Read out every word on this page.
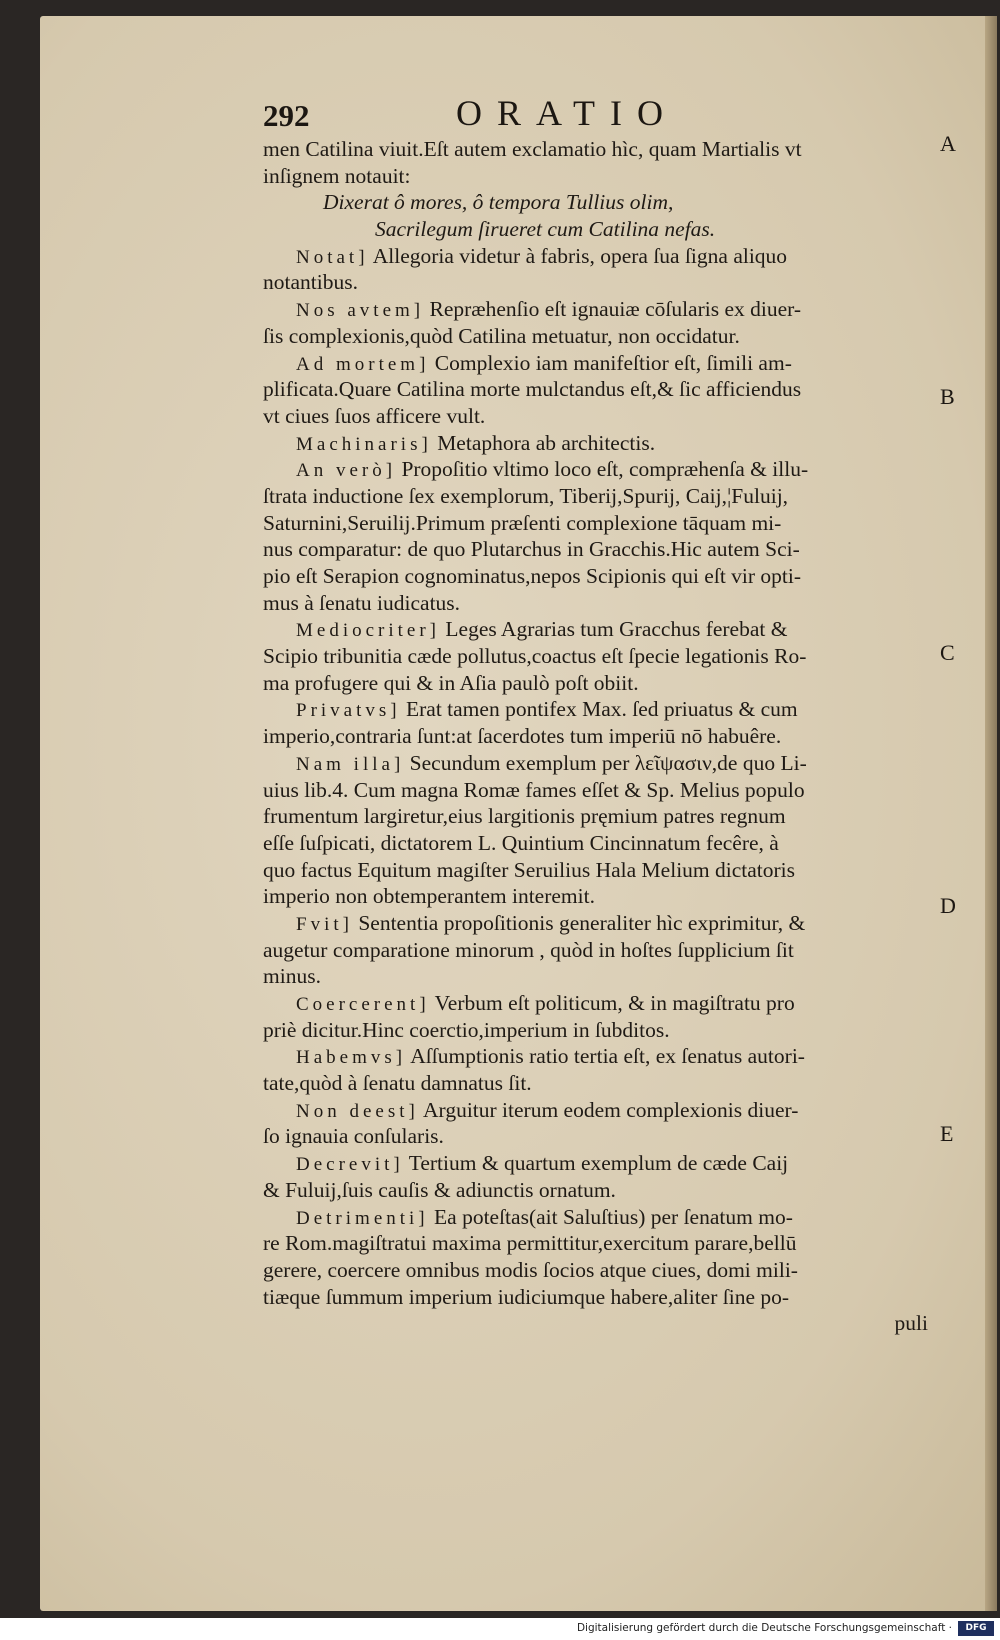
292	ORATIO
men Catilina viuit.Eſt autem exclamatio hìc, quam Martialis vt
inſignem notauit:
Dixerat ô mores, ô tempora Tullius olim,
Sacrilegum ſirueret cum Catilina nefas.
Notat] Allegoria videtur à fabris, opera ſua ſigna aliquo
notantibus.
Nos avtem] Repræhenſio eſt ignauiæ cōſularis ex diuer-
ſis complexionis,quòd Catilina metuatur, non occidatur.
Ad mortem] Complexio iam manifeſtior eſt, ſimili am-
plificata.Quare Catilina morte mulctandus eſt,& ſic afficiendus
vt ciues ſuos afficere vult.
Machinaris] Metaphora ab architectis.
An verò] Propoſitio vltimo loco eſt, compræhenſa & illu-
ſtrata inductione ſex exemplorum, Tiberij,Spurij, Caij,¦Fuluij,
Saturnini,Seruilij.Primum præſenti complexione tāquam mi-
nus comparatur: de quo Plutarchus in Gracchis.Hic autem Sci-
pio eſt Serapion cognominatus,nepos Scipionis qui eſt vir opti-
mus à ſenatu iudicatus.
Mediocriter] Leges Agrarias tum Gracchus ferebat &
Scipio tribunitia cæde pollutus,coactus eſt ſpecie legationis Ro-
ma profugere qui & in Aſia paulò poſt obiit.
Privatvs] Erat tamen pontifex Max. ſed priuatus & cum
imperio,contraria ſunt:at ſacerdotes tum imperiū nō habuêre.
Nam illa] Secundum exemplum per λεῖψασιν,de quo Li-
uius lib.4. Cum magna Romæ fames eſſet & Sp. Melius populo
frumentum largiretur,eius largitionis pręmium patres regnum
eſſe ſuſpicati, dictatorem L. Quintium Cincinnatum fecêre, à
quo factus Equitum magiſter Seruilius Hala Melium dictatoris
imperio non obtemperantem interemit.
Fvit] Sententia propoſitionis generaliter hìc exprimitur, &
augetur comparatione minorum , quòd in hoſtes ſupplicium ſit
minus.
Coercerent] Verbum eſt politicum, & in magiſtratu pro
priè dicitur.Hinc coerctio,imperium in ſubditos.
Habemvs] Aſſumptionis ratio tertia eſt, ex ſenatus autori-
tate,quòd à ſenatu damnatus ſit.
Non deest] Arguitur iterum eodem complexionis diuer-
ſo ignauia conſularis.
Decrevit] Tertium & quartum exemplum de cæde Caij
& Fuluij,ſuis cauſis & adiunctis ornatum.
Detrimenti] Ea poteſtas(ait Saluſtius) per ſenatum mo-
re Rom.magiſtratui maxima permittitur,exercitum parare,bellū
gerere, coercere omnibus modis ſocios atque ciues, domi mili-
tiæque ſummum imperium iudiciumque habere,aliter ſine po-
puli
A
B
C
D
E
Digitalisierung gefördert durch die Deutsche Forschungsgemeinschaft ·	DFG
